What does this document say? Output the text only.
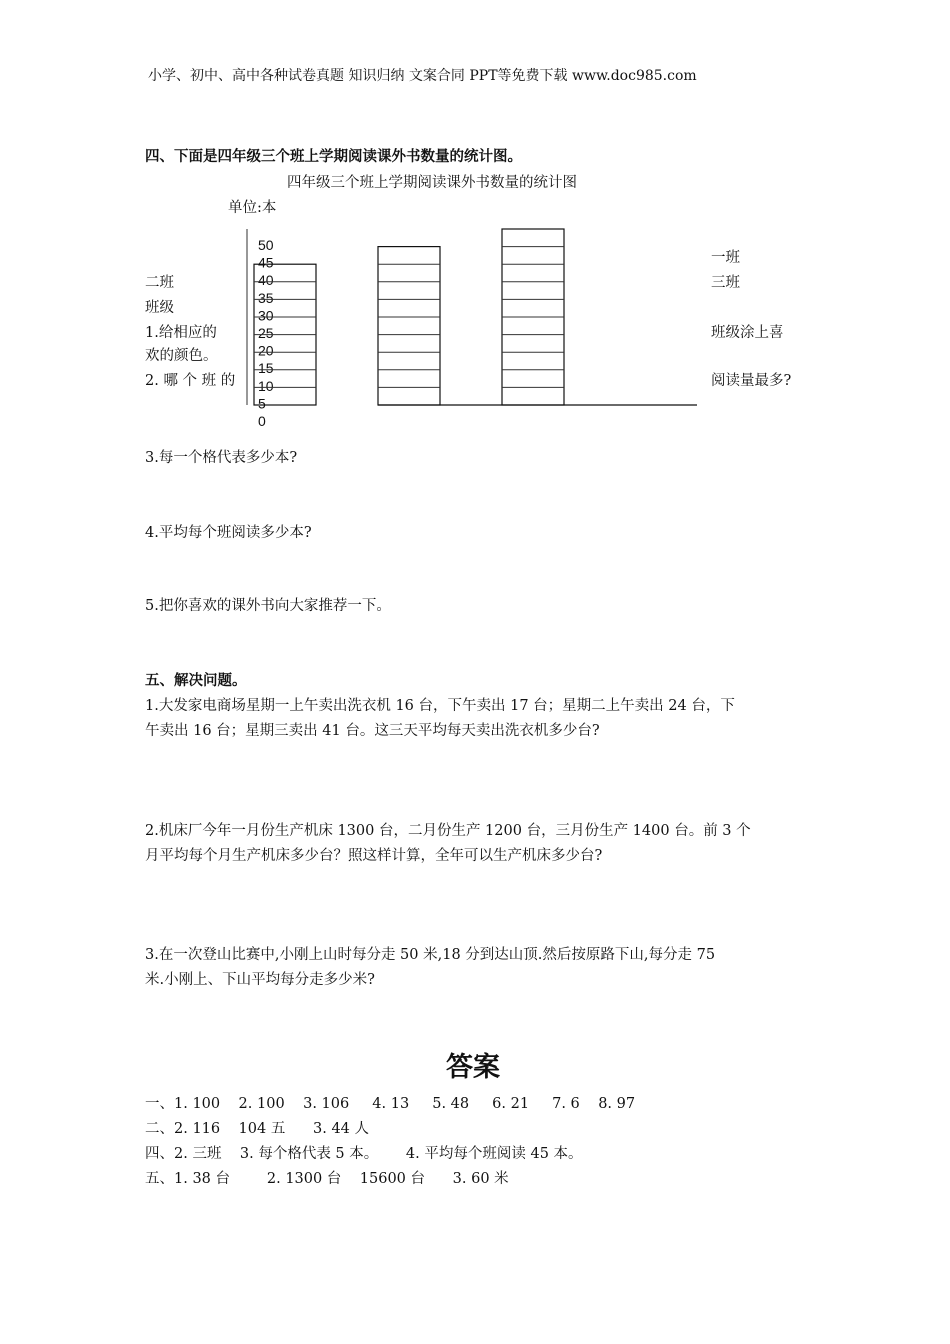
小学、初中、高中各种试卷真题 知识归纳 文案合同 PPT等免费下载 www.doc985.com
四、下面是四年级三个班上学期阅读课外书数量的统计图。
四年级三个班上学期阅读课外书数量的统计图
单位:本
50
45
40
35
30
25
20
15
10
5
0
二班
班级
1.给相应的
欢的颜色。
2. 哪 个 班 的
一班
三班
班级涂上喜
阅读量最多?
3.每一个格代表多少本?
4.平均每个班阅读多少本?
5.把你喜欢的课外书向大家推荐一下。
五、解决问题。
1.大发家电商场星期一上午卖出洗衣机 16 台，下午卖出 17 台；星期二上午卖出 24 台，下
午卖出 16 台；星期三卖出 41 台。这三天平均每天卖出洗衣机多少台?
2.机床厂今年一月份生产机床 1300 台，二月份生产 1200 台，三月份生产 1400 台。前 3 个
月平均每个月生产机床多少台？照这样计算，全年可以生产机床多少台?
3.在一次登山比赛中,小刚上山时每分走 50 米,18 分到达山顶.然后按原路下山,每分走 75
米.小刚上、下山平均每分走多少米?
答案
一、1. 100    2. 100    3. 106     4. 13     5. 48     6. 21     7. 6    8. 97
二、2. 116    104 五      3. 44 人
四、2. 三班    3. 每个格代表 5 本。      4. 平均每个班阅读 45 本。
五、1. 38 台        2. 1300 台    15600 台      3. 60 米
